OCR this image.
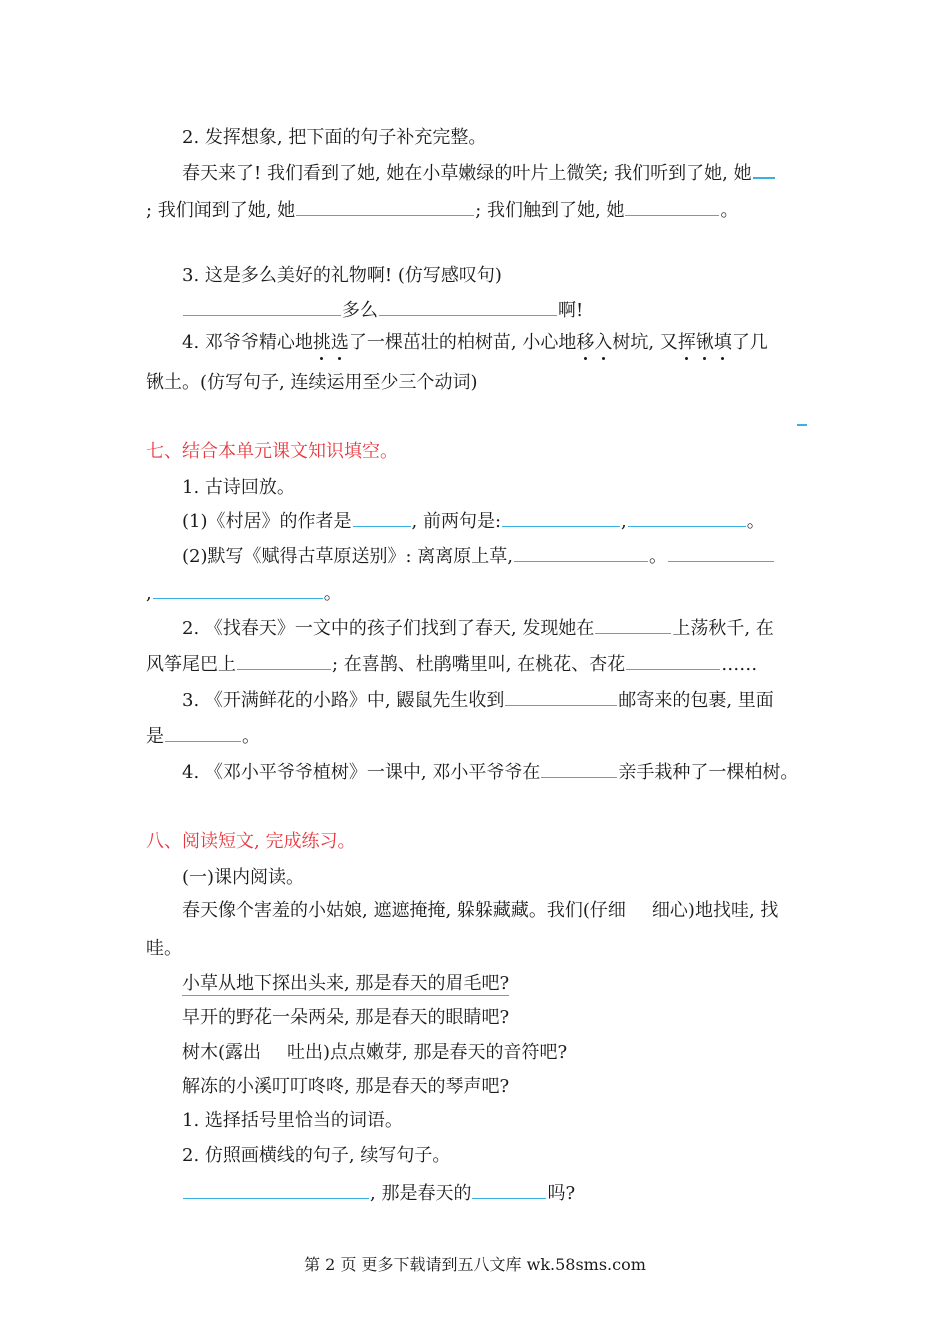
2. 发挥想象, 把下面的句子补充完整。
春天来了! 我们看到了她, 她在小草嫩绿的叶片上微笑; 我们听到了她, 她
; 我们闻到了她, 她	; 我们触到了她, 她	。
3. 这是多么美好的礼物啊! (仿写感叹句)
多么	啊!
4. 邓爷爷精心地挑选了一棵茁壮的柏树苗, 小心地移入树坑, 又挥锹填了几
锹土。(仿写句子, 连续运用至少三个动词)
七、结合本单元课文知识填空。
1. 古诗回放。
(1)《村居》的作者是	, 前两句是:	,	。
(2)默写《赋得古草原送别》: 离离原上草,	。
,	。
2. 《找春天》一文中的孩子们找到了春天, 发现她在	上荡秋千, 在
风筝尾巴上	; 在喜鹊、杜鹃嘴里叫, 在桃花、杏花	……
3. 《开满鲜花的小路》中, 鼹鼠先生收到	邮寄来的包裹, 里面
是	。
4. 《邓小平爷爷植树》一课中, 邓小平爷爷在	亲手栽种了一棵柏树。
八、阅读短文, 完成练习。
(一)课内阅读。
春天像个害羞的小姑娘, 遮遮掩掩, 躲躲藏藏。我们(仔细 细心)地找哇, 找
哇。
小草从地下探出头来, 那是春天的眉毛吧?
早开的野花一朵两朵, 那是春天的眼睛吧?
树木(露出 吐出)点点嫩芽, 那是春天的音符吧?
解冻的小溪叮叮咚咚, 那是春天的琴声吧?
1. 选择括号里恰当的词语。
2. 仿照画横线的句子, 续写句子。
, 那是春天的	吗?
第 2 页 更多下载请到五八文库 wk.58sms.com
